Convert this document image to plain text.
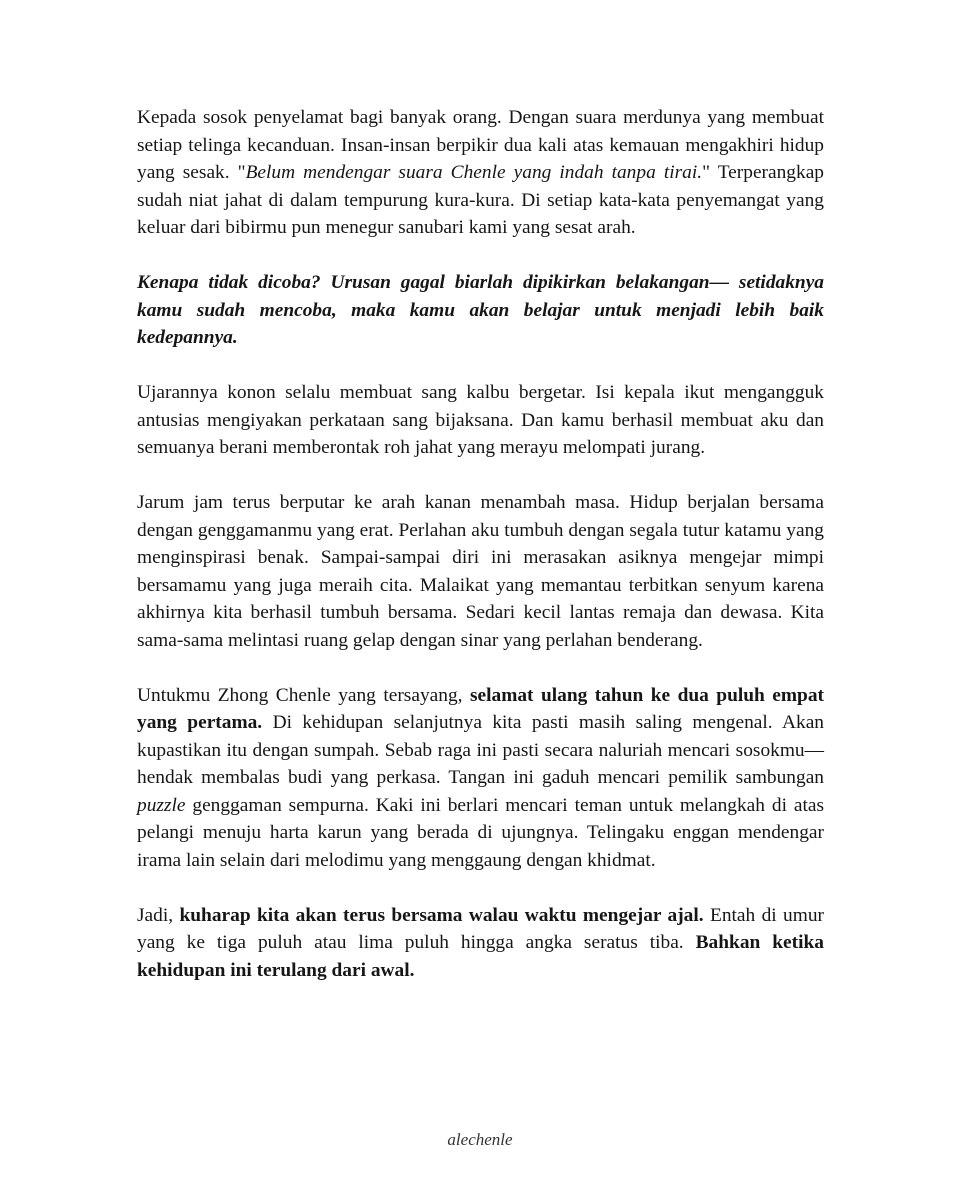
Kepada sosok penyelamat bagi banyak orang. Dengan suara merdunya yang membuat setiap telinga kecanduan. Insan-insan berpikir dua kali atas kemauan mengakhiri hidup yang sesak. "Belum mendengar suara Chenle yang indah tanpa tirai." Terperangkap sudah niat jahat di dalam tempurung kura-kura. Di setiap kata-kata penyemangat yang keluar dari bibirmu pun menegur sanubari kami yang sesat arah.

Kenapa tidak dicoba? Urusan gagal biarlah dipikirkan belakangan— setidaknya kamu sudah mencoba, maka kamu akan belajar untuk menjadi lebih baik kedepannya.

Ujarannya konon selalu membuat sang kalbu bergetar. Isi kepala ikut mengangguk antusias mengiyakan perkataan sang bijaksana. Dan kamu berhasil membuat aku dan semuanya berani memberontak roh jahat yang merayu melompati jurang.

Jarum jam terus berputar ke arah kanan menambah masa. Hidup berjalan bersama dengan genggamanmu yang erat. Perlahan aku tumbuh dengan segala tutur katamu yang menginspirasi benak. Sampai-sampai diri ini merasakan asiknya mengejar mimpi bersamamu yang juga meraih cita. Malaikat yang memantau terbitkan senyum karena akhirnya kita berhasil tumbuh bersama. Sedari kecil lantas remaja dan dewasa. Kita sama-sama melintasi ruang gelap dengan sinar yang perlahan benderang.

Untukmu Zhong Chenle yang tersayang, selamat ulang tahun ke dua puluh empat yang pertama. Di kehidupan selanjutnya kita pasti masih saling mengenal. Akan kupastikan itu dengan sumpah. Sebab raga ini pasti secara naluriah mencari sosokmu— hendak membalas budi yang perkasa. Tangan ini gaduh mencari pemilik sambungan puzzle genggaman sempurna. Kaki ini berlari mencari teman untuk melangkah di atas pelangi menuju harta karun yang berada di ujungnya. Telingaku enggan mendengar irama lain selain dari melodimu yang menggaung dengan khidmat.

Jadi, kuharap kita akan terus bersama walau waktu mengejar ajal. Entah di umur yang ke tiga puluh atau lima puluh hingga angka seratus tiba. Bahkan ketika kehidupan ini terulang dari awal.

alechenle
